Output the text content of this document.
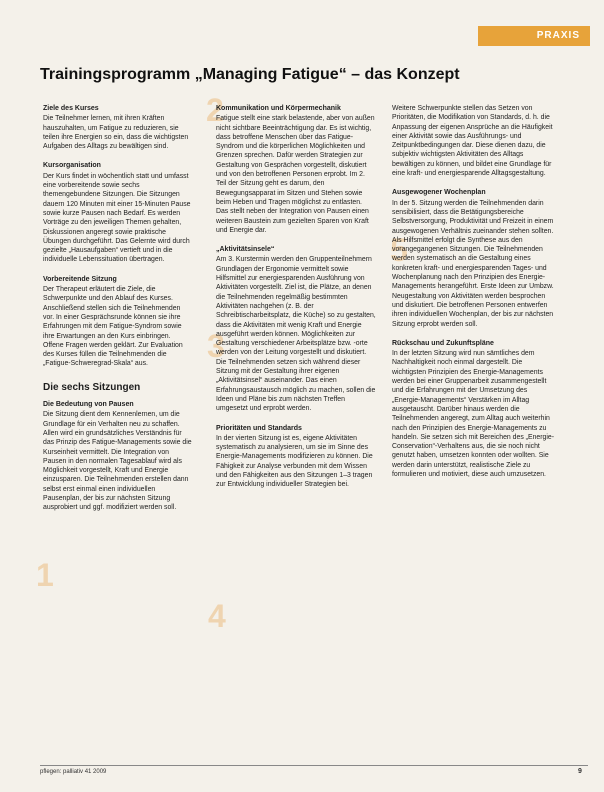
PRAXIS
Trainingsprogramm „Managing Fatigue“ – das Konzept
1
2
3
4
5
Ziele des Kurses

Die Teilnehmer lernen, mit ihren Kräften hauszuhalten, um Fatigue zu reduzieren, sie teilen ihre Energien so ein, dass die wichtigsten Aufgaben des Alltags zu bewältigen sind.

Kursorganisation

Der Kurs findet in wöchentlich statt und umfasst eine vorbereitende sowie sechs themengebundene Sitzungen. Die Sitzungen dauern 120 Minuten mit einer 15-Minuten Pause sowie kurze Pausen nach Bedarf. Es werden Vorträge zu den jeweiligen Themen gehalten, Diskussionen angeregt sowie praktische Übungen durchgeführt. Das Gelernte wird durch gezielte „Hausaufgaben“ vertieft und in die individuelle Lebenssituation übertragen.

Vorbereitende Sitzung

Der Therapeut erläutert die Ziele, die Schwerpunkte und den Ablauf des Kurses. Anschließend stellen sich die Teilnehmenden vor. In einer Gesprächsrunde können sie ihre Erfahrungen mit dem Fatigue-Syndrom sowie ihre Erwartungen an den Kurs einbringen. Offene Fragen werden geklärt. Zur Evaluation des Kurses füllen die Teilnehmenden die „Fatigue-Schweregrad-Skala“ aus.

Die sechs Sitzungen
Die Bedeutung von Pausen

Die Sitzung dient dem Kennenlernen, um die Grundlage für ein Verhalten neu zu schaffen. Allen wird ein grundsätzliches Verständnis für das Prinzip des Fatigue-Managements sowie die Kurseinheit vermittelt. Die Integration von Pausen in den normalen Tagesablauf wird als Möglichkeit vorgestellt, Kraft und Energie einzusparen. Die Teilnehmenden erstellen dann selbst erst einmal einen individuellen Pausenplan, der bis zur nächsten Sitzung ausprobiert und ggf. modifiziert werden soll.

Kommunikation und Körpermechanik

Fatigue stellt eine stark belastende, aber von außen nicht sichtbare Beeinträchtigung dar. Es ist wichtig, dass betroffene Menschen über das Fatigue-Syndrom und die körperlichen Möglichkeiten und Grenzen sprechen. Dafür werden Strategien zur Gestaltung von Gesprächen vorgestellt, diskutiert und von den betroffenen Personen erprobt. Im 2. Teil der Sitzung geht es darum, den Bewegungsapparat im Sitzen und Stehen sowie beim Heben und Tragen möglichst zu entlasten. Das stellt neben der Integration von Pausen einen weiteren Baustein zum gezielten Sparen von Kraft und Energie dar.

„Aktivitätsinsele“

Am 3. Kurstermin werden den Gruppenteilnehmern Grundlagen der Ergonomie vermittelt sowie Hilfsmittel zur energiesparenden Ausführung von Aktivitäten vorgestellt. Ziel ist, die Plätze, an denen die Teilnehmenden regelmäßig bestimmten Aktivitäten nachgehen (z. B. der Schreibtischarbeitsplatz, die Küche) so zu gestalten, dass die Aktivitäten mit wenig Kraft und Energie ausgeführt werden können. Möglichkeiten zur Gestaltung verschiedener Arbeitsplätze bzw. -orte werden von der Leitung vorgestellt und diskutiert. Die Teilnehmenden setzen sich während dieser Sitzung mit der Gestaltung ihrer eigenen „Aktivitätsinsel“ auseinander. Das einen Erfahrungsaustausch möglich zu machen, sollen die Ideen und Pläne bis zum nächsten Treffen umgesetzt und erprobt werden.

Prioritäten und Standards

In der vierten Sitzung ist es, eigene Aktivitäten systematisch zu analysieren, um sie im Sinne des Energie-Managements modifizieren zu können. Die Fähigkeit zur Analyse verbunden mit dem Wissen und den Fähigkeiten aus den Sitzungen 1–3 tragen zur Entwicklung individueller Strategien bei.

Weitere Schwerpunkte stellen das Setzen von Prioritäten, die Modifikation von Standards, d. h. die Anpassung der eigenen Ansprüche an die Häufigkeit einer Aktivität sowie das Ausführungs- und Zeitpunktbedingungen dar. Diese dienen dazu, die subjektiv wichtigsten Aktivitäten des Alltags bewältigen zu können, und bildet eine Grundlage für eine kraft- und energiesparende Alltagsgestaltung.

Ausgewogener Wochenplan

In der 5. Sitzung werden die Teilnehmenden darin sensibilisiert, dass die Betätigungsbereiche Selbstversorgung, Produktivität und Freizeit in einem ausgewogenen Verhältnis zueinander stehen sollten. Als Hilfsmittel erfolgt die Synthese aus den vorangegangenen Sitzungen. Die Teilnehmenden werden systematisch an die Gestaltung eines konkreten kraft- und energiesparenden Tages- und Wochenplanung nach den Prinzipien des Energie-Managements herangeführt. Erste Ideen zur Umbzw. Neugestaltung von Aktivitäten werden besprochen und diskutiert. Die betroffenen Personen entwerfen ihren individuellen Wochenplan, der bis zur nächsten Sitzung erprobt werden soll.

Rückschau und Zukunftspläne

In der letzten Sitzung wird nun sämtliches dem Nachhaltigkeit noch einmal dargestellt. Die wichtigsten Prinzipien des Energie-Managements werden bei einer Gruppenarbeit zusammengestellt und die Erfahrungen mit der Umsetzung des „Energie-Managements“ Verstärken im Alltag ausgetauscht. Darüber hinaus werden die Teilnehmenden angeregt, zum Alltag auch weiterhin nach den Prinzipien des Energie-Managements zu handeln. Sie setzen sich mit Bereichen des „Energie-Conservation“-Verhaltens aus, die sie noch nicht genutzt haben, umsetzen konnten oder wollten. Sie werden darin unterstützt, realistische Ziele zu formulieren und motiviert, diese auch umzusetzen.

pflegen: palliativ 41 2009	9
